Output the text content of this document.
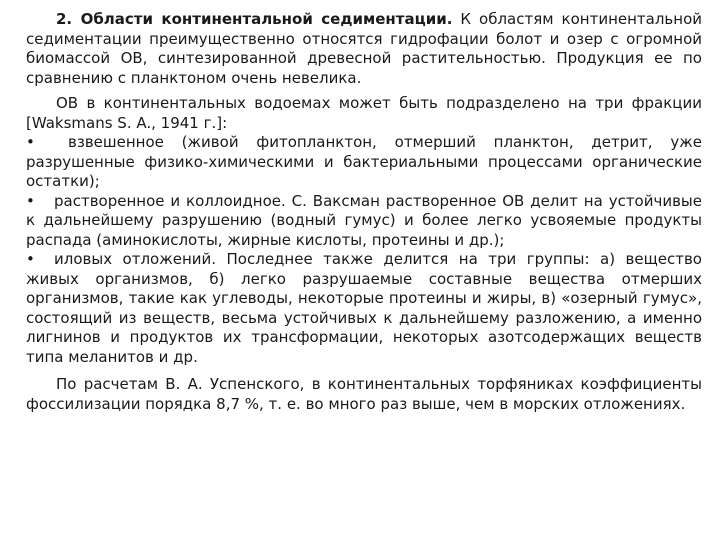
2. Области континентальной седиментации. К областям континентальной седиментации преимущественно относятся гидрофации болот и озер с огромной биомассой ОВ, синтезированной древесной растительностью. Продукция ее по сравнению с планктоном очень невелика.

ОВ в континентальных водоемах может быть подразделено на три фракции [Waksmans S. A., 1941 г.]:

• взвешенное (живой фитопланктон, отмерший планктон, детрит, уже разрушенные физико-химическими и бактериальными процессами органические остатки);

• растворенное и коллоидное. С. Ваксман растворенное ОВ делит на устойчивые к дальнейшему разрушению (водный гумус) и более легко усвояемые продукты распада (аминокислоты, жирные кислоты, протеины и др.);

• иловых отложений. Последнее также делится на три группы: а) вещество живых организмов, б) легко разрушаемые составные вещества отмерших организмов, такие как углеводы, некоторые протеины и жиры, в) «озерный гумус», состоящий из веществ, весьма устойчивых к дальнейшему разложению, а именно лигнинов и продуктов их трансформации, некоторых азотсодержащих веществ типа меланитов и др.

По расчетам В. А. Успенского, в континентальных торфяниках коэффициенты фоссилизации порядка 8,7 %, т. е. во много раз выше, чем в морских отложениях.
